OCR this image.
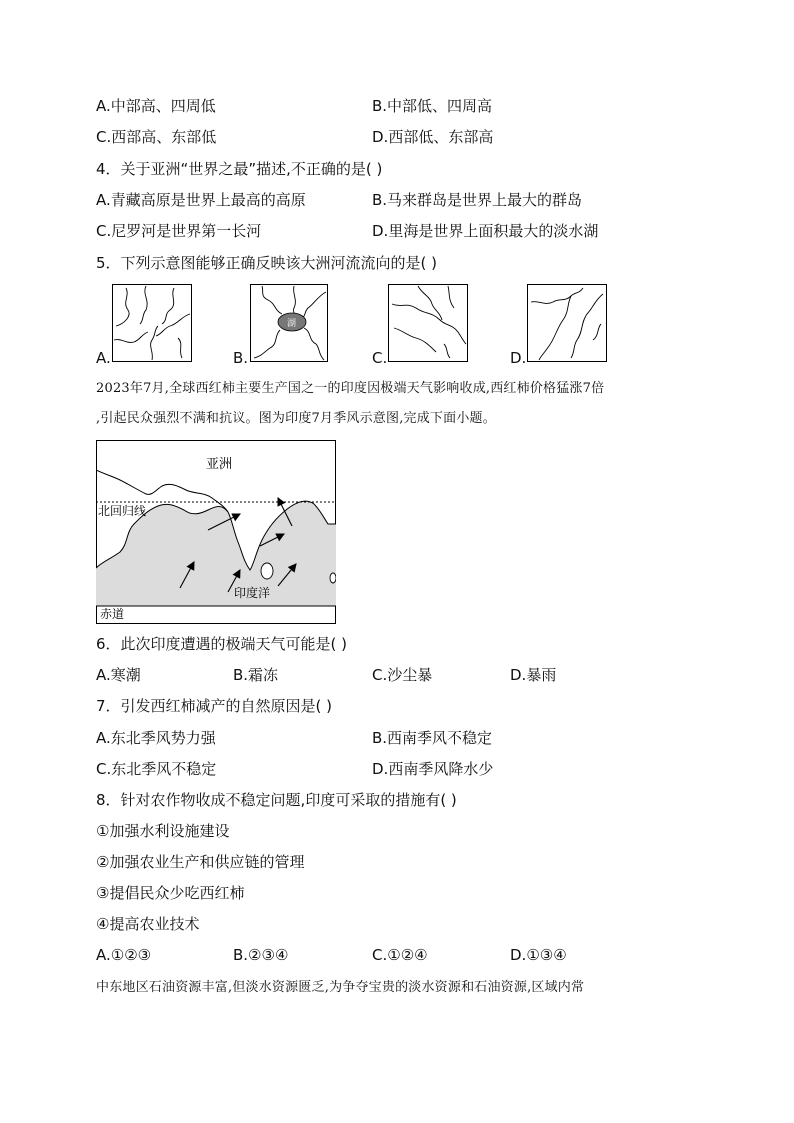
A.中部高、四周低	B.中部低、四周高
C.西部高、东部低	D.西部低、东部高
4．关于亚洲“世界之最”描述,不正确的是( )
A.青藏高原是世界上最高的高原	B.马来群岛是世界上最大的群岛
C.尼罗河是世界第一长河	D.里海是世界上面积最大的淡水湖
5．下列示意图能够正确反映该大洲河流流向的是( )
A.	B.
湖
C.	D.
2023年7月,全球西红柿主要生产国之一的印度因极端天气影响收成,西红柿价格猛涨7倍
,引起民众强烈不满和抗议。图为印度7月季风示意图,完成下面小题。
亚洲
北回归线
印度洋
赤道
6．此次印度遭遇的极端天气可能是( )
A.寒潮	B.霜冻	C.沙尘暴	D.暴雨
7．引发西红柿减产的自然原因是( )
A.东北季风势力强	B.西南季风不稳定
C.东北季风不稳定	D.西南季风降水少
8．针对农作物收成不稳定问题,印度可采取的措施有( )
①加强水利设施建设
②加强农业生产和供应链的管理
③提倡民众少吃西红柿
④提高农业技术
A.①②③	B.②③④	C.①②④	D.①③④
中东地区石油资源丰富,但淡水资源匮乏,为争夺宝贵的淡水资源和石油资源,区域内常
